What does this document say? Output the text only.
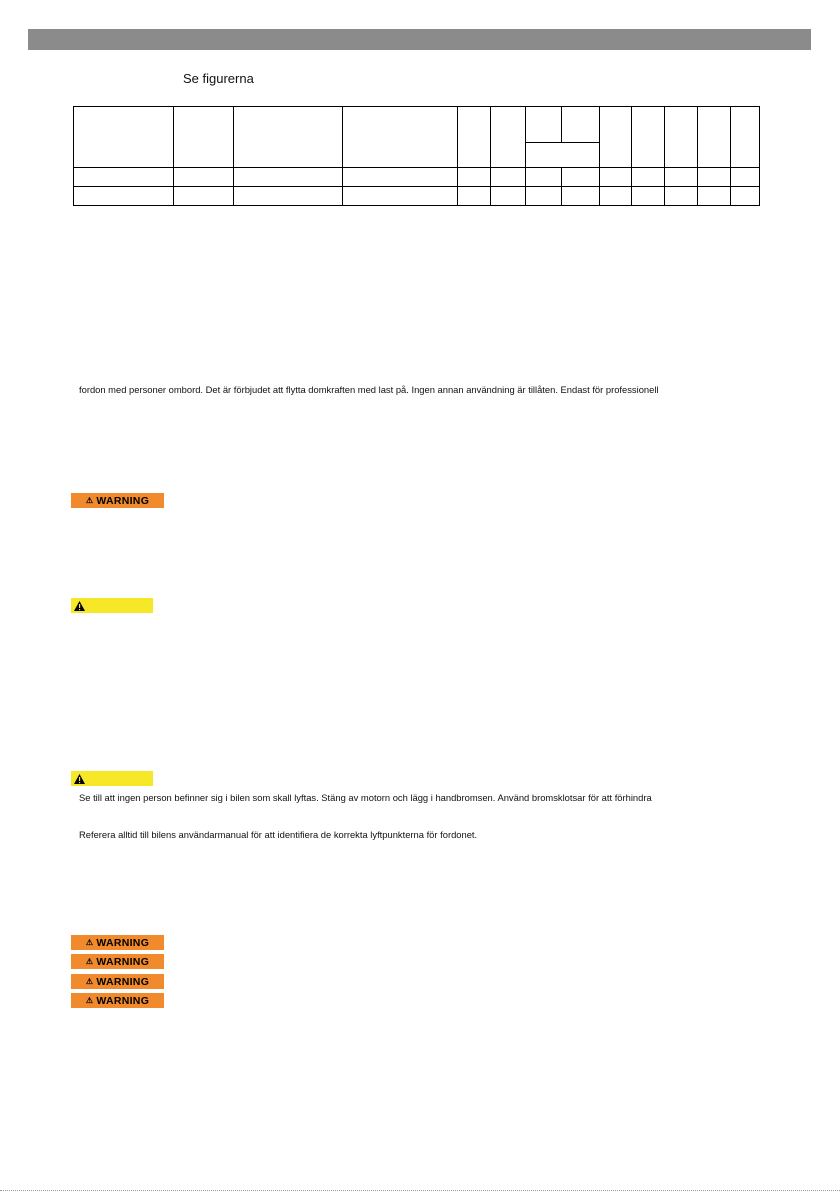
Se figurerna

fordon med personer ombord. Det är förbjudet att flytta domkraften med last på. Ingen annan användning är tillåten. Endast för professionell
⚠ WARNING
Se till att ingen person befinner sig i bilen som skall lyftas. Stäng av motorn och lägg i handbromsen. Använd bromsklotsar för att förhindra
Referera alltid till bilens användarmanual för att identifiera de korrekta lyftpunkterna för fordonet.
⚠ WARNING
⚠ WARNING
⚠ WARNING
⚠ WARNING
